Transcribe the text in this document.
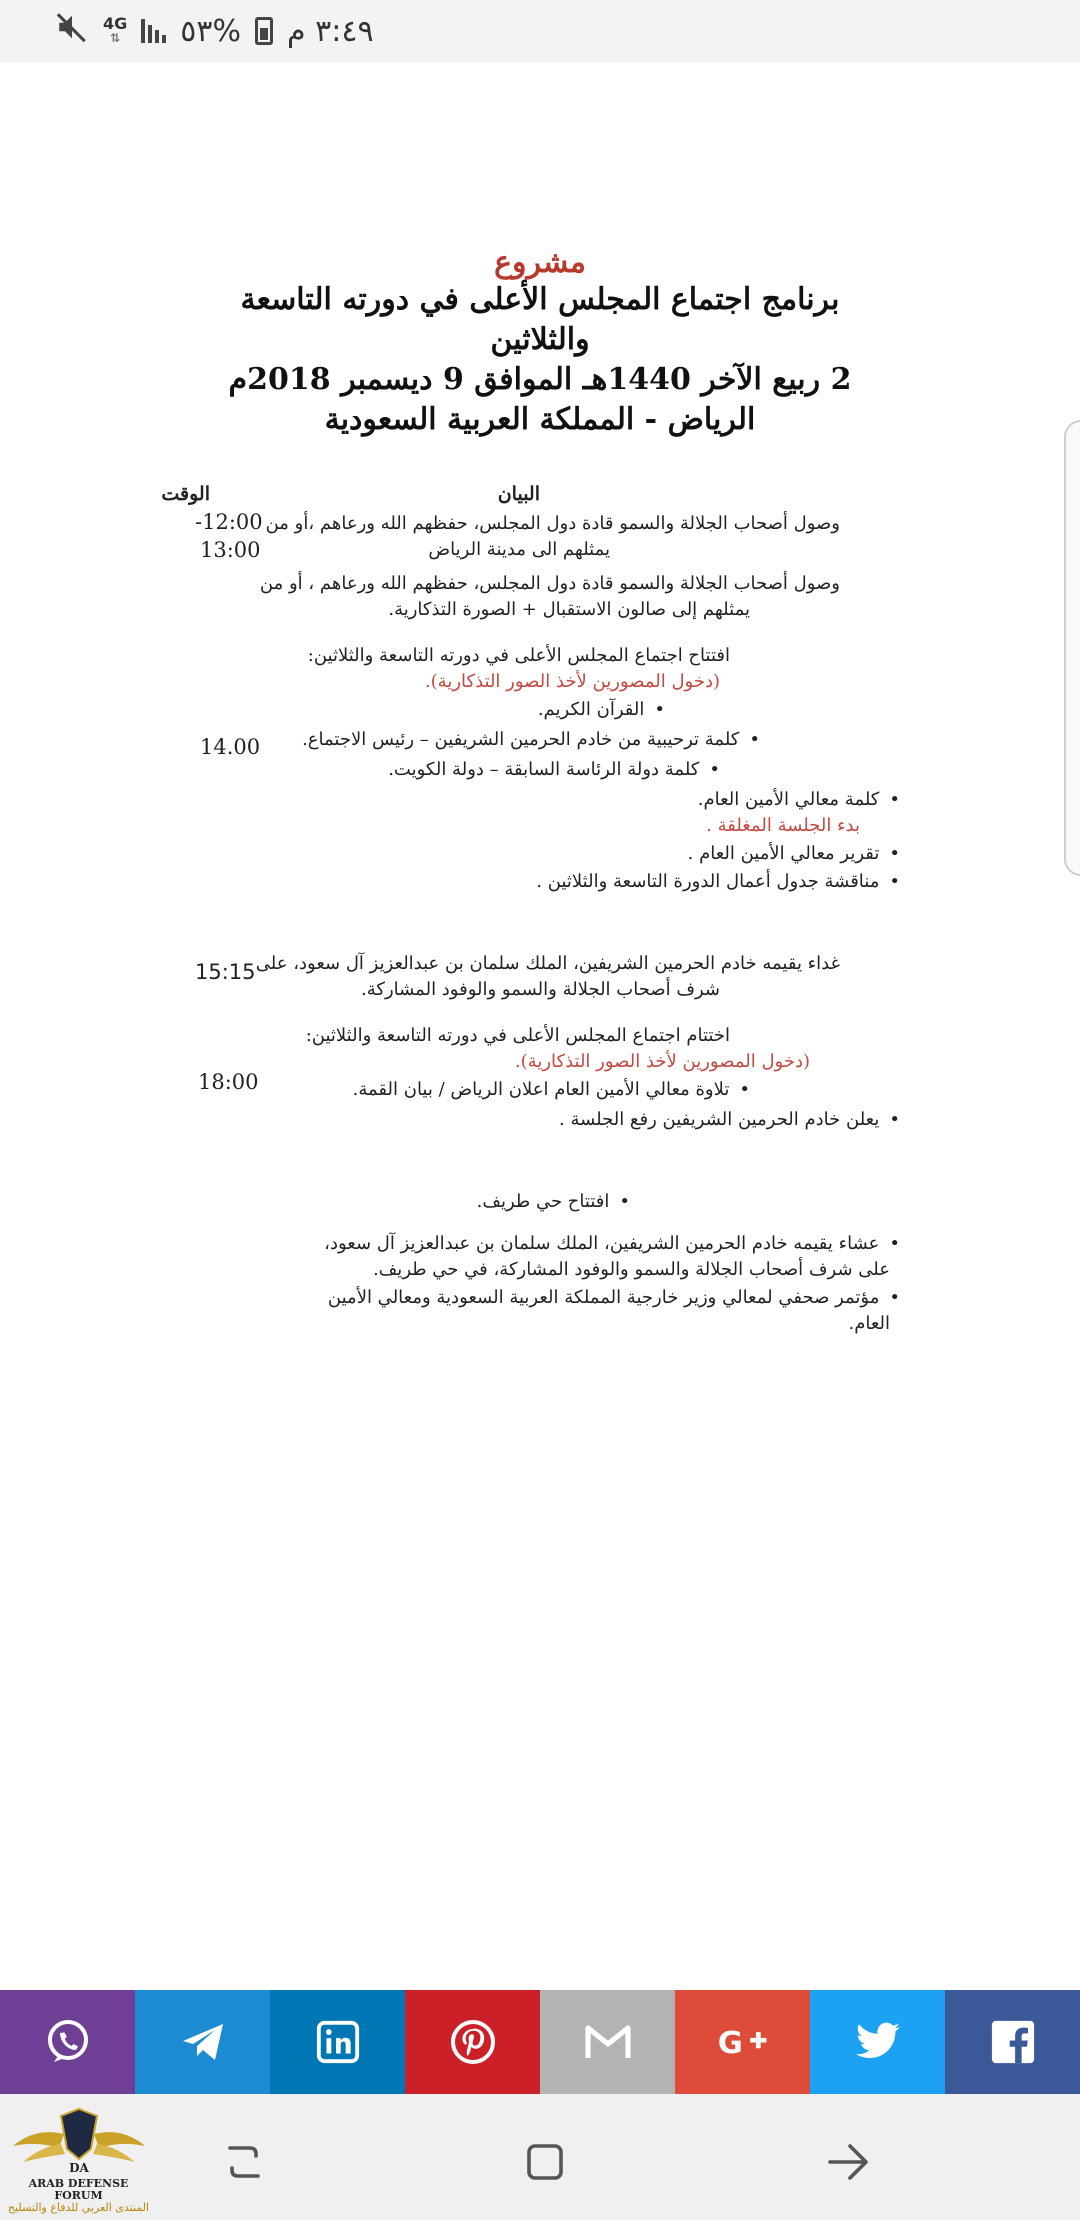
٣:٤٩ م
%٥٣
4G
⇅
مشروع
برنامج اجتماع المجلس الأعلى في دورته التاسعة
والثلاثين
2 ربيع الآخر 1440هـ الموافق 9 ديسمبر 2018م
الرياض - المملكة العربية السعودية
الوقت	البيان
-12:00
13:00
14.00
15:15
18:00
وصول أصحاب الجلالة والسمو قادة دول المجلس، حفظهم الله ورعاهم ،أو من
يمثلهم الى مدينة الرياض
وصول أصحاب الجلالة والسمو قادة دول المجلس، حفظهم الله ورعاهم ، أو من
يمثلهم إلى صالون الاستقبال + الصورة التذكارية.
افتتاح اجتماع المجلس الأعلى في دورته التاسعة والثلاثين:
(دخول المصورين لأخذ الصور التذكارية).
• القرآن الكريم.
• كلمة ترحيبية من خادم الحرمين الشريفين – رئيس الاجتماع.
• كلمة دولة الرئاسة السابقة – دولة الكويت.
• كلمة معالي الأمين العام.
بدء الجلسة المغلقة .
• تقرير معالي الأمين العام .
• مناقشة جدول أعمال الدورة التاسعة والثلاثين .
غداء يقيمه خادم الحرمين الشريفين، الملك سلمان بن عبدالعزيز آل سعود، على
شرف أصحاب الجلالة والسمو والوفود المشاركة.
اختتام اجتماع المجلس الأعلى في دورته التاسعة والثلاثين:
(دخول المصورين لأخذ الصور التذكارية).
• تلاوة معالي الأمين العام اعلان الرياض / بيان القمة.
• يعلن خادم الحرمين الشريفين رفع الجلسة .
• افتتاح حي طريف.
• عشاء يقيمه خادم الحرمين الشريفين، الملك سلمان بن عبدالعزيز آل سعود،
على شرف أصحاب الجلالة والسمو والوفود المشاركة، في حي طريف.
• مؤتمر صحفي لمعالي وزير خارجية المملكة العربية السعودية ومعالي الأمين
العام.
G
DA
ARAB DEFENSE FORUM
المنتدى العربي للدفاع والتسليح
